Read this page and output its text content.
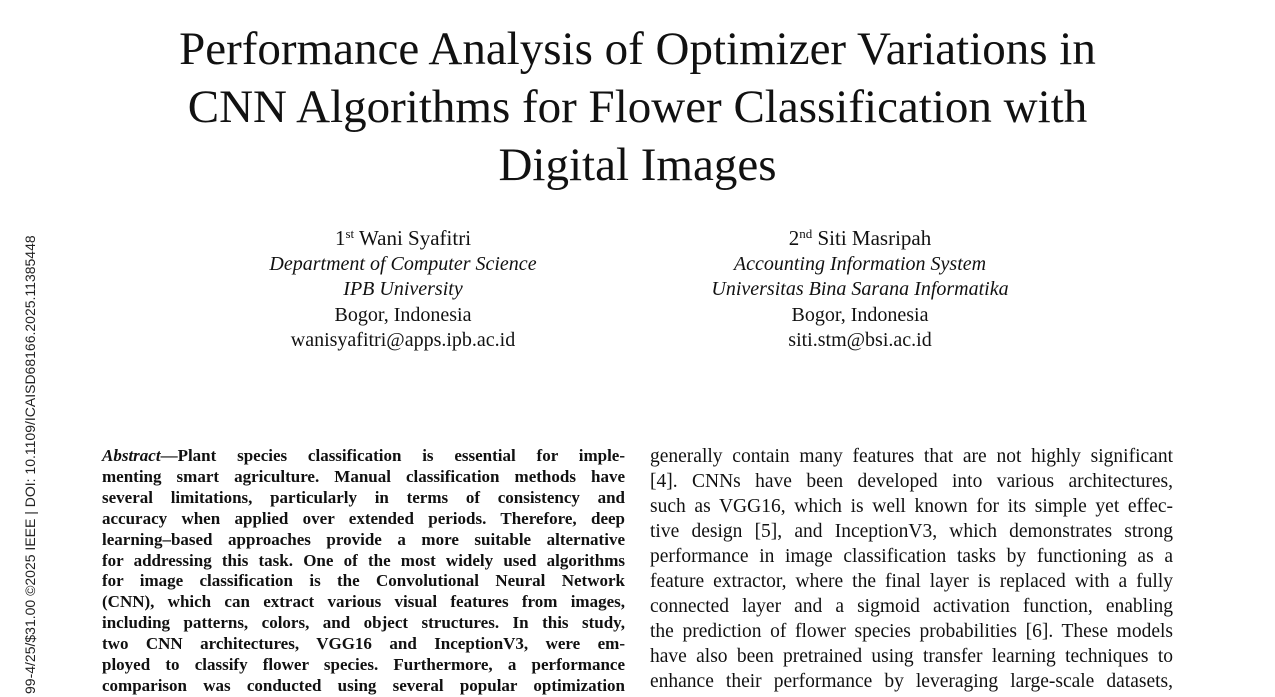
99-4/25/$31.00 ©2025 IEEE | DOI: 10.1109/ICAISD68166.2025.11385448
Performance Analysis of Optimizer Variations in
CNN Algorithms for Flower Classification with
Digital Images
1st Wani Syafitri
Department of Computer Science
IPB University
Bogor, Indonesia
wanisyafitri@apps.ipb.ac.id
2nd Siti Masripah
Accounting Information System
Universitas Bina Sarana Informatika
Bogor, Indonesia
siti.stm@bsi.ac.id
Abstract—Plant species classification is essential for imple-
menting smart agriculture. Manual classification methods have
several limitations, particularly in terms of consistency and
accuracy when applied over extended periods. Therefore, deep
learning–based approaches provide a more suitable alternative
for addressing this task. One of the most widely used algorithms
for image classification is the Convolutional Neural Network
(CNN), which can extract various visual features from images,
including patterns, colors, and object structures. In this study,
two CNN architectures, VGG16 and InceptionV3, were em-
ployed to classify flower species. Furthermore, a performance
comparison was conducted using several popular optimization
generally contain many features that are not highly significant
[4]. CNNs have been developed into various architectures,
such as VGG16, which is well known for its simple yet effec-
tive design [5], and InceptionV3, which demonstrates strong
performance in image classification tasks by functioning as a
feature extractor, where the final layer is replaced with a fully
connected layer and a sigmoid activation function, enabling
the prediction of flower species probabilities [6]. These models
have also been pretrained using transfer learning techniques to
enhance their performance by leveraging large-scale datasets,
